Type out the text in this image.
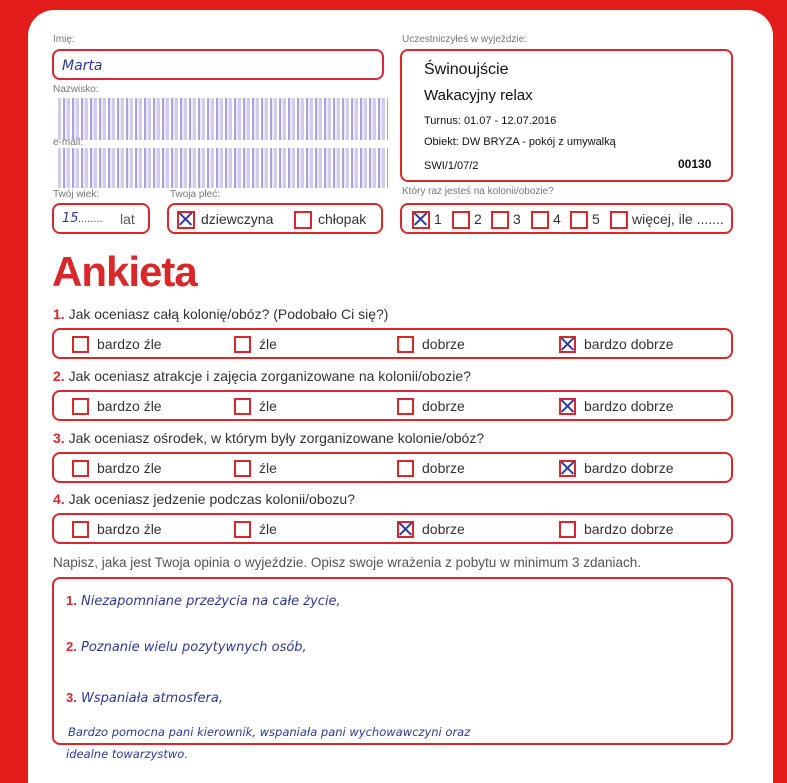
Imię:
Marta
Nazwisko:
e-mail:
Twój wiek:
15 ........ lat
Twoja płeć:
dziewczyna	chłopak
Uczestniczyłeś w wyjeździe:
Świnoujście
Wakacyjny relax
Turnus: 01.07 - 12.07.2016
Obiekt: DW BRYZA - pokój z umywalką
SWI/1/07/2	00130
Który raz jesteś na kolonii/obozie?
1 2 3 4 5 więcej, ile .......
Ankieta
1. Jak oceniasz całą kolonię/obóz? (Podobało Ci się?)
bardzo źle	źle	dobrze	bardzo dobrze
2. Jak oceniasz atrakcje i zajęcia zorganizowane na kolonii/obozie?
bardzo źle	źle	dobrze	bardzo dobrze
3. Jak oceniasz ośrodek, w którym były zorganizowane kolonie/obóz?
bardzo źle	źle	dobrze	bardzo dobrze
4. Jak oceniasz jedzenie podczas kolonii/obozu?
bardzo źle	źle	dobrze	bardzo dobrze
Napisz, jaka jest Twoja opinia o wyjeździe. Opisz swoje wrażenia z pobytu w minimum 3 zdaniach.
1. Niezapomniane przeżycia na całe życie,
2. Poznanie wielu pozytywnych osób,
3. Wspaniała atmosfera,
Bardzo pomocna pani kierownik, wspaniała pani wychowawczyni oraz
idealne towarzystwo.
